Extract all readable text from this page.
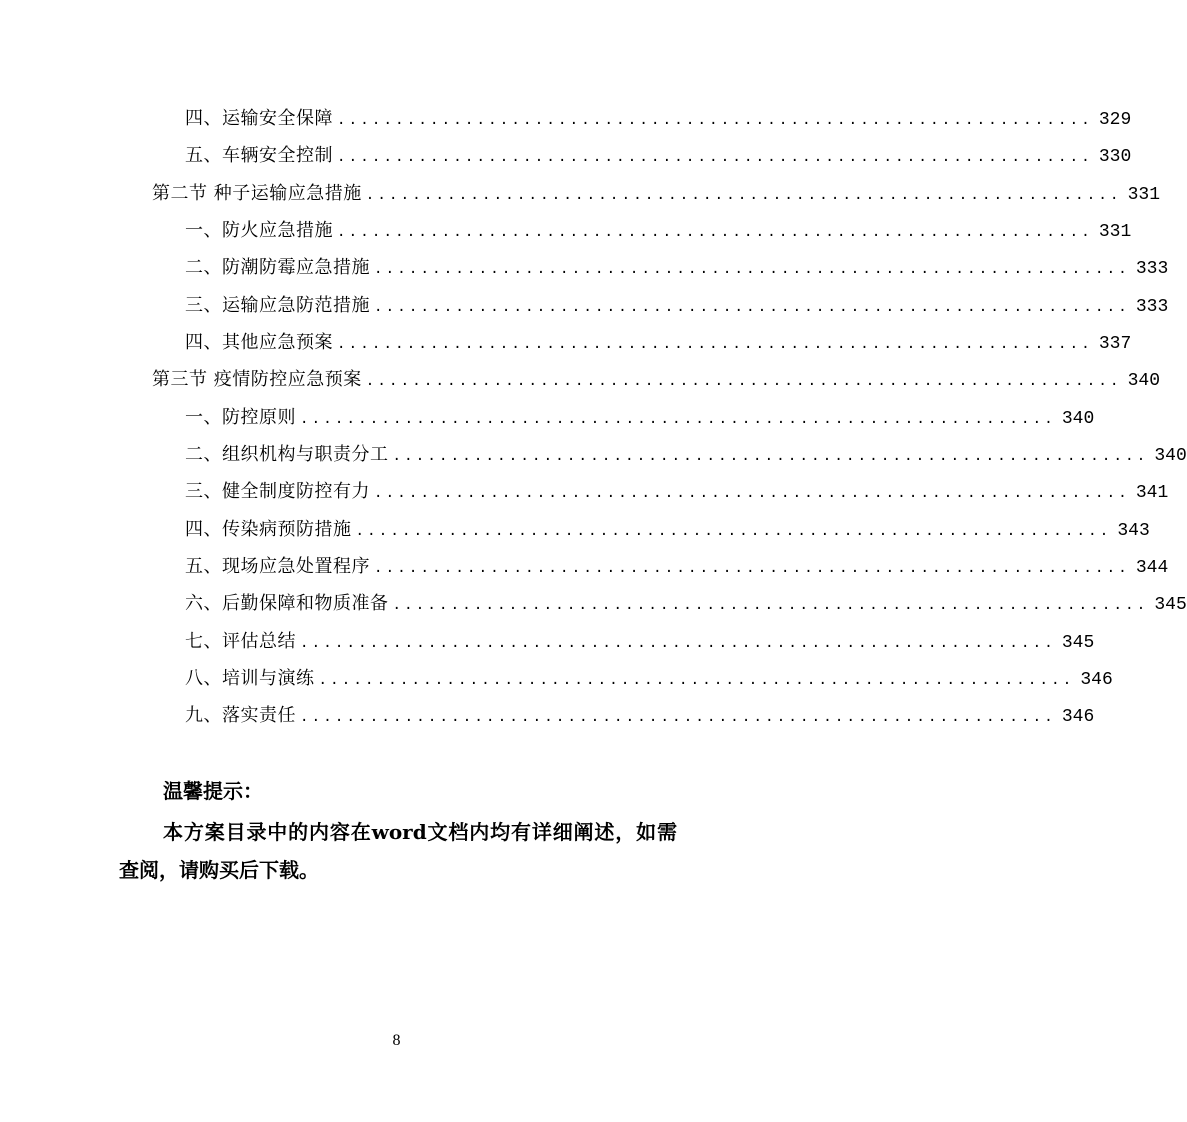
四、运输安全保障 ................................................................. 329
五、车辆安全控制 ................................................................. 330
第二节 种子运输应急措施 ................................................................. 331
一、防火应急措施 ................................................................. 331
二、防潮防霉应急措施 ................................................................. 333
三、运输应急防范措施 ................................................................. 333
四、其他应急预案 ................................................................. 337
第三节 疫情防控应急预案 ................................................................. 340
一、防控原则 ................................................................. 340
二、组织机构与职责分工 ................................................................. 340
三、健全制度防控有力 ................................................................. 341
四、传染病预防措施 ................................................................. 343
五、现场应急处置程序 ................................................................. 344
六、后勤保障和物质准备 ................................................................. 345
七、评估总结 ................................................................. 345
八、培训与演练 ................................................................. 346
九、落实责任 ................................................................. 346
温馨提示：
本方案目录中的内容在word文档内均有详细阐述，如需查阅，请购买后下载。
8
